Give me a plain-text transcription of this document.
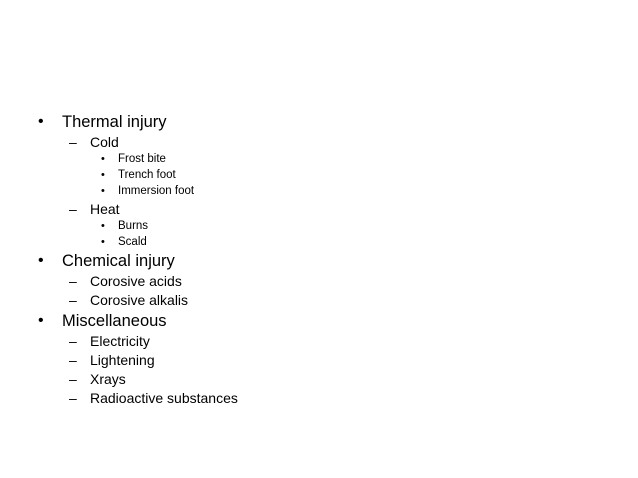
• Thermal injury
– Cold
• Frost bite
• Trench foot
• Immersion foot
– Heat
• Burns
• Scald
• Chemical injury
– Corosive acids
– Corosive alkalis
• Miscellaneous
– Electricity
– Lightening
– Xrays
– Radioactive substances
